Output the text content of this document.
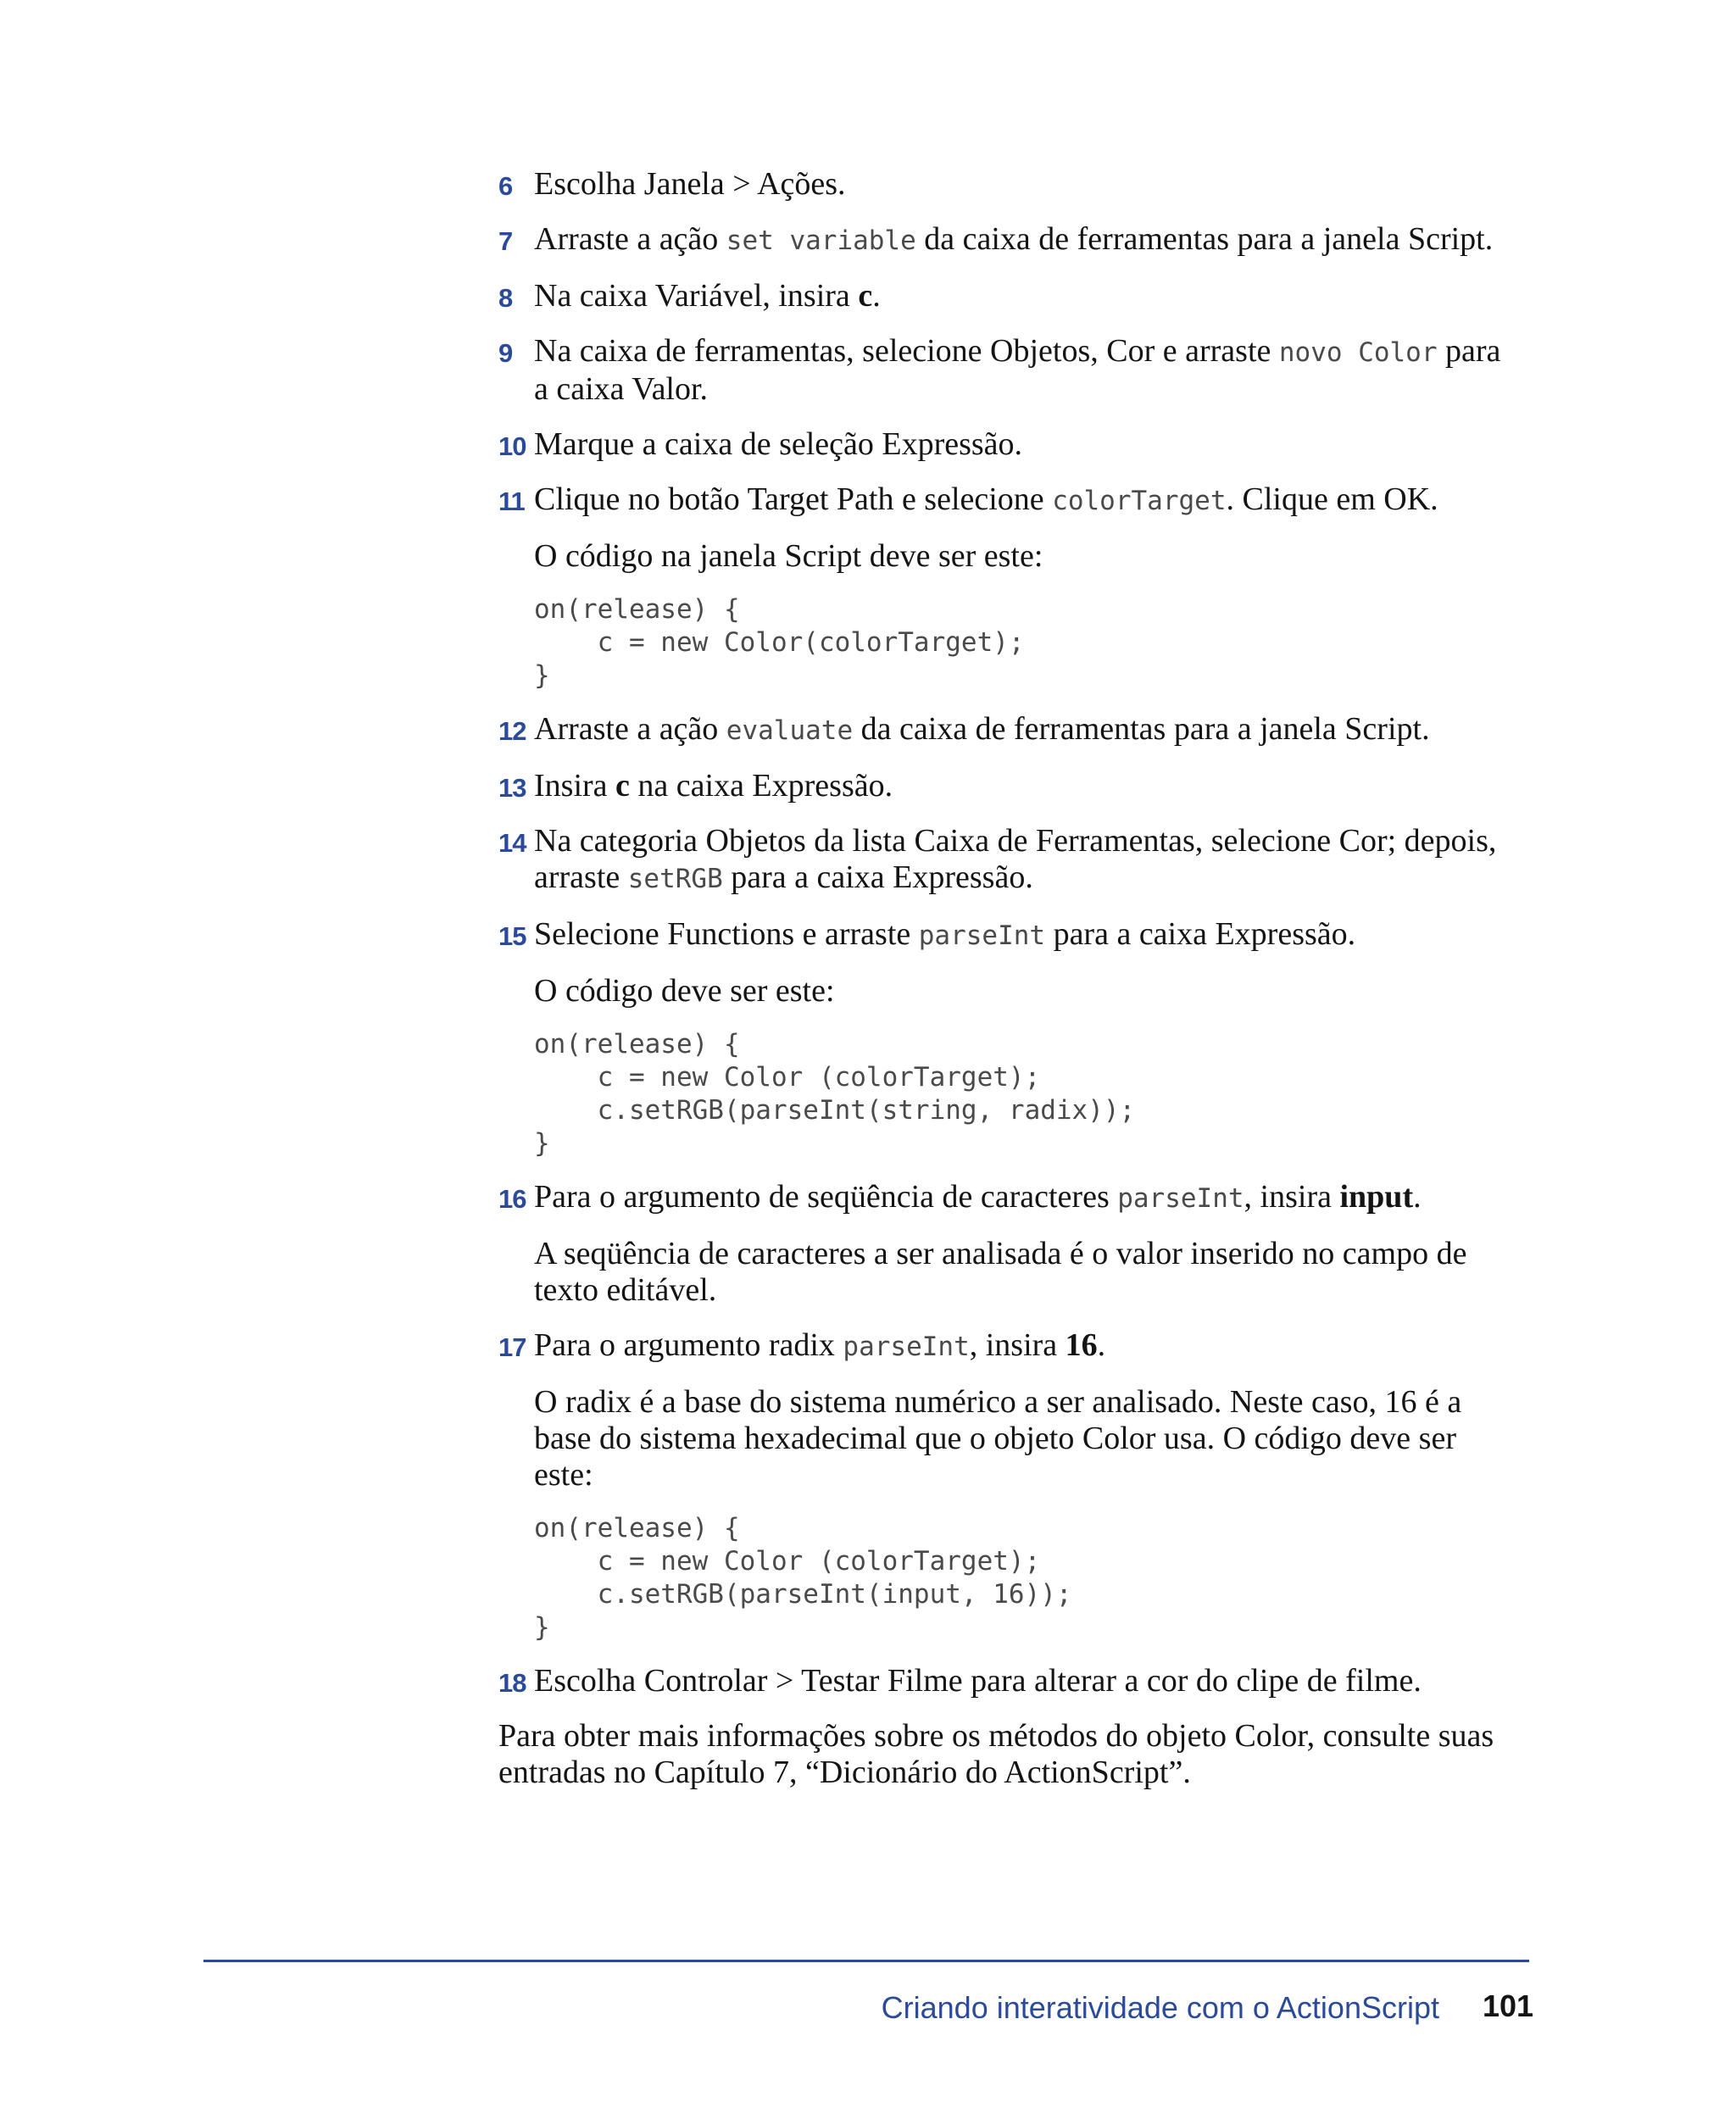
6 Escolha Janela > Ações.
7 Arraste a ação set variable da caixa de ferramentas para a janela Script.
8 Na caixa Variável, insira c.
9 Na caixa de ferramentas, selecione Objetos, Cor e arraste novo Color para a caixa Valor.
10 Marque a caixa de seleção Expressão.
11 Clique no botão Target Path e selecione colorTarget. Clique em OK.
O código na janela Script deve ser este:
on(release) {
c = new Color(colorTarget);
}
12 Arraste a ação evaluate da caixa de ferramentas para a janela Script.
13 Insira c na caixa Expressão.
14 Na categoria Objetos da lista Caixa de Ferramentas, selecione Cor; depois, arraste setRGB para a caixa Expressão.
15 Selecione Functions e arraste parseInt para a caixa Expressão.
O código deve ser este:
on(release) {
c = new Color (colorTarget);
c.setRGB(parseInt(string, radix));
}
16 Para o argumento de seqüência de caracteres parseInt, insira input.
A seqüência de caracteres a ser analisada é o valor inserido no campo de texto editável.
17 Para o argumento radix parseInt, insira 16.
O radix é a base do sistema numérico a ser analisado. Neste caso, 16 é a base do sistema hexadecimal que o objeto Color usa. O código deve ser este:
on(release) {
c = new Color (colorTarget);
c.setRGB(parseInt(input, 16));
}
18 Escolha Controlar > Testar Filme para alterar a cor do clipe de filme.
Para obter mais informações sobre os métodos do objeto Color, consulte suas entradas no Capítulo 7, “Dicionário do ActionScript”.
Criando interatividade com o ActionScript 101
